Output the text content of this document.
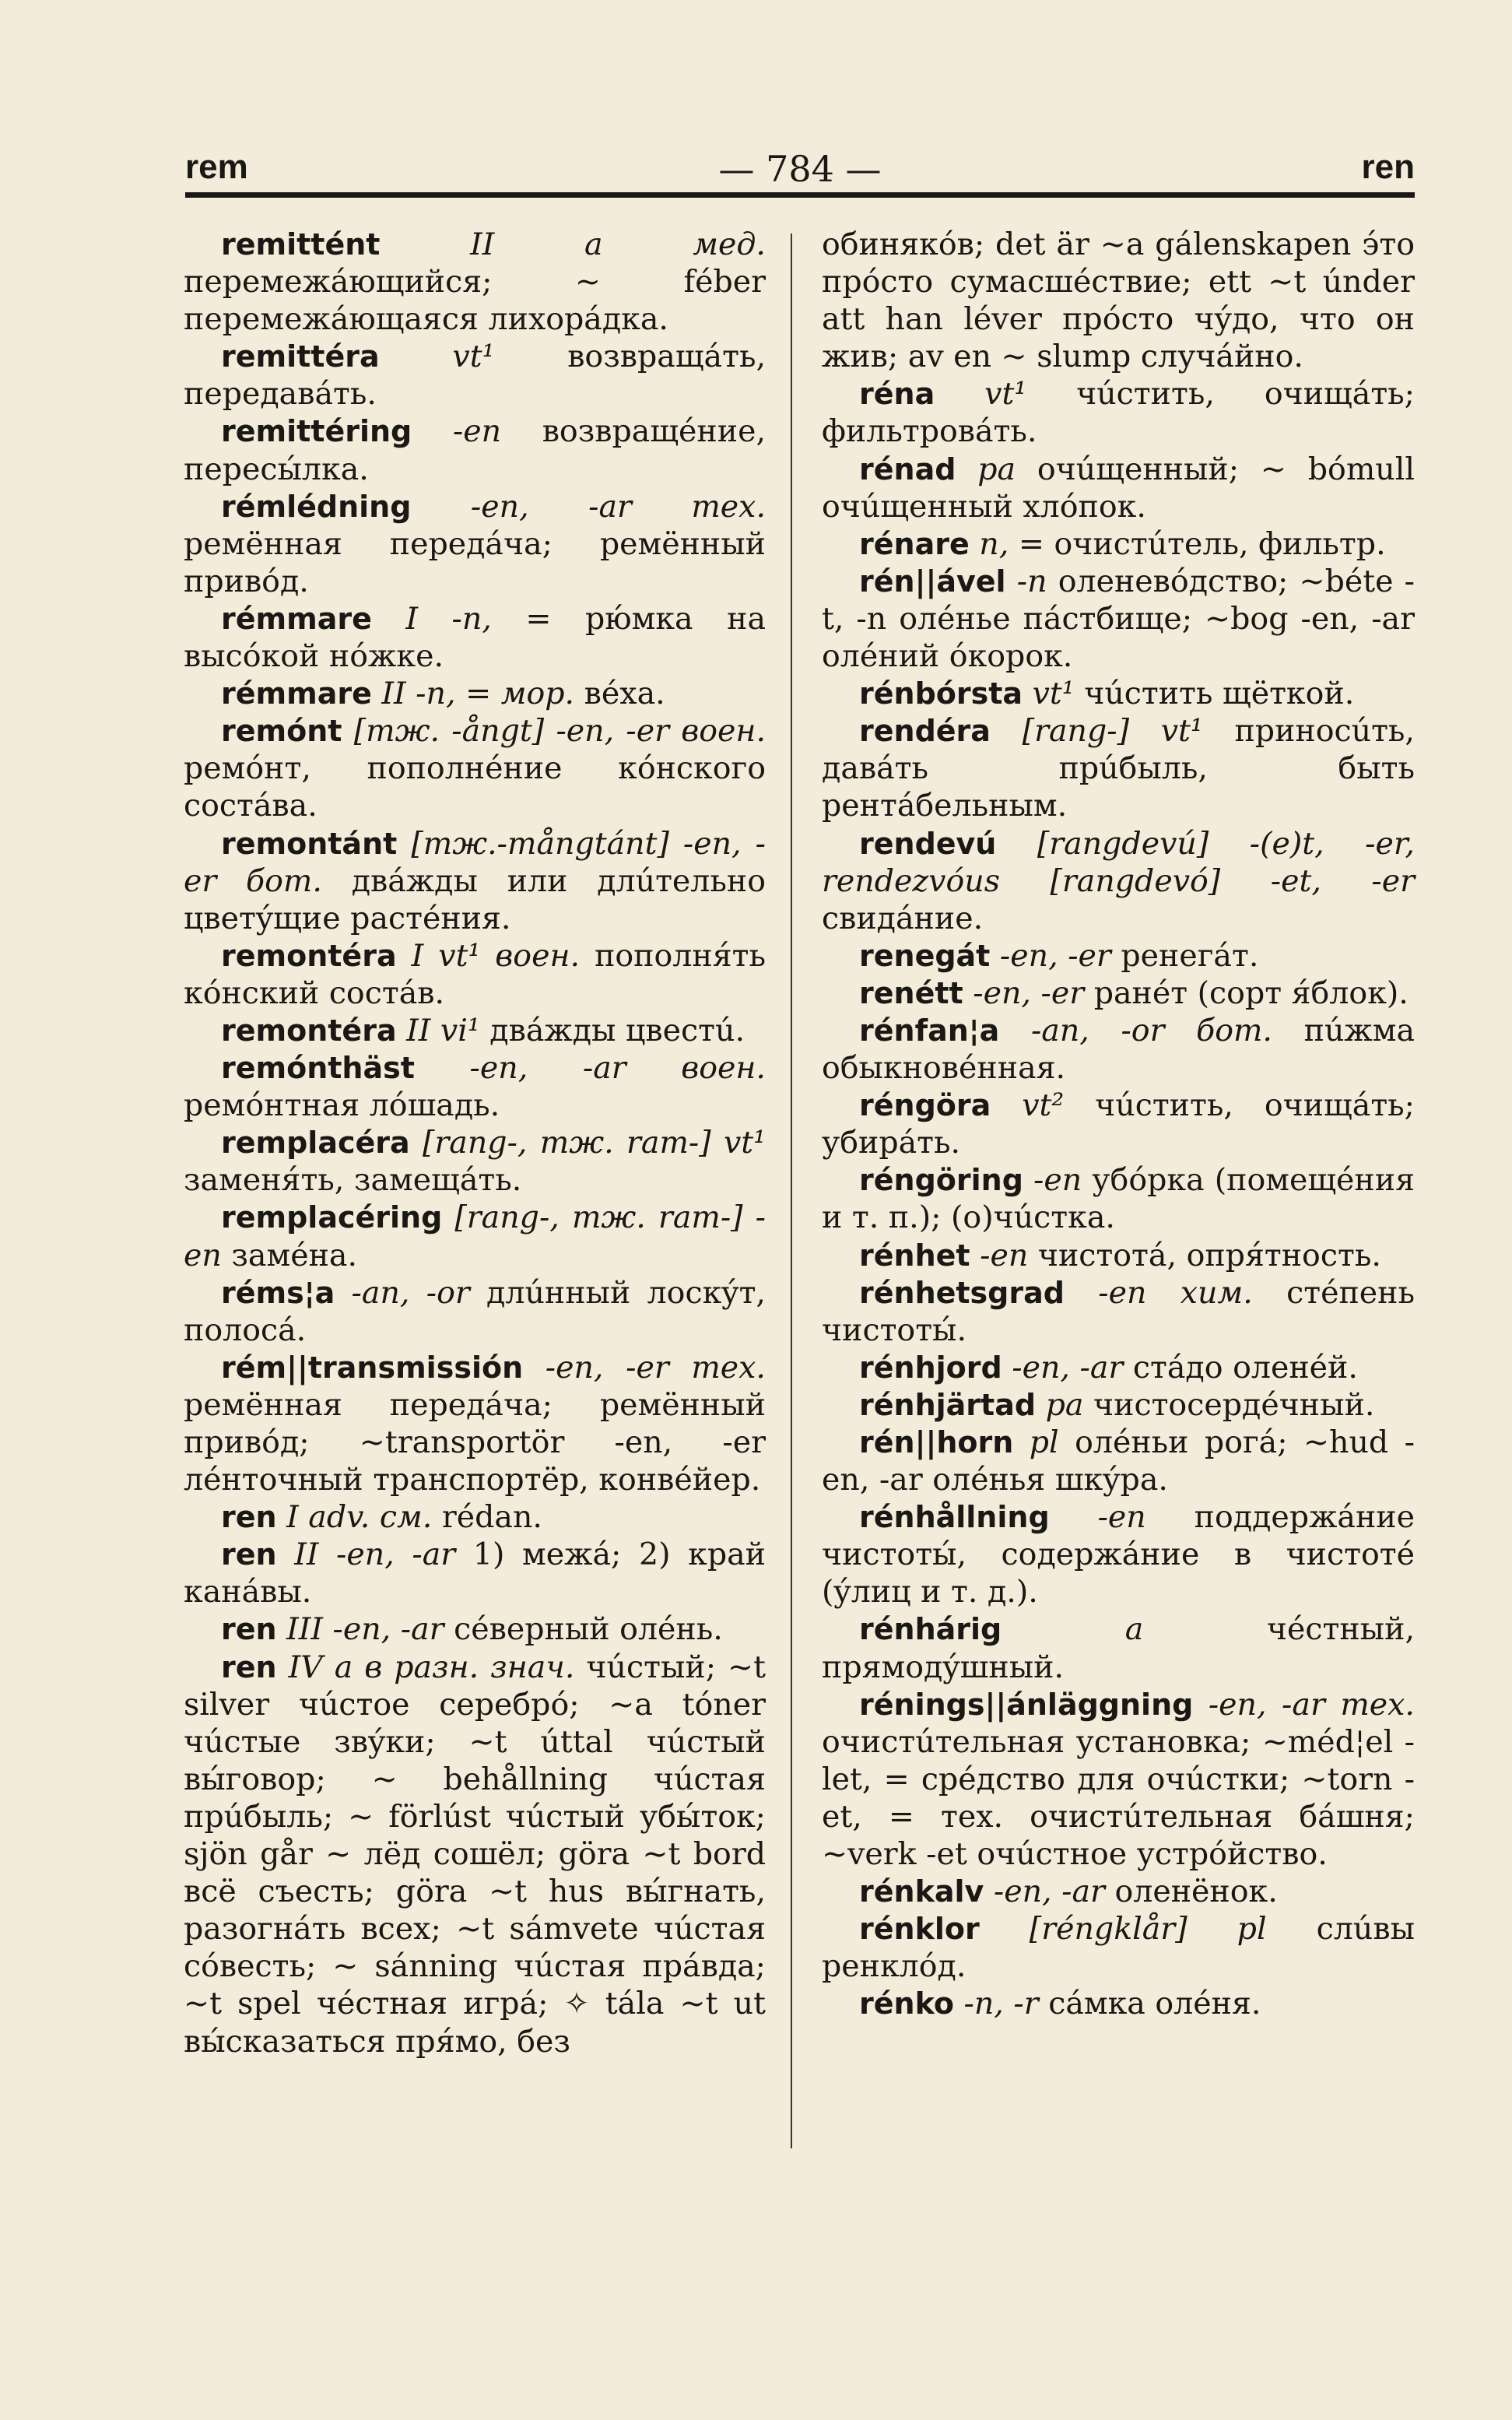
rem	— 784 —	ren

remittént	II a мед. перемежáющийся; ~ féber перемежáющаяся лихорáдка.

remittéra vt¹ возвращáть, передавáть.

remittéring -en возвращéние, пересы́лка.

rémlédning -en, -ar тех. ремённая передáча; ремённый привóд.

rémmare I -n, = рю́мка на высóкой нóжке.

rémmare II -n, = мор. вéха.

remónt [тж. -ångt] -en, -er воен. ремóнт, пополнéние кóнского состáва.

remontánt [тж.-mångtánt] -en, -er бот. двáжды или длúтельно цветýщие растéния.

remontéra I vt¹ воен. пополня́ть кóнский состáв.

remontéra II vi¹ двáжды цвестú.

remónthäst -en, -ar воен. ремóнтная лóшадь.

remplacéra [rang-, тж. ram-] vt¹ заменя́ть, замещáть.

remplacéring [rang-, тж. ram-] -en замéна.

réms¦a -an, -or длúнный лоскýт, полосá.

rém||transmissión -en, -er тех. ремённая передáча; ремённый привóд; ~transportör -en, -er лéнточный транспортёр, конвéйер.

ren I adv. см. rédan.

ren II -en, -ar 1) межá; 2) край канáвы.

ren III -en, -ar сéверный олéнь.

ren IV a в разн. знач. чúстый; ~t silver чúстое серебрó; ~a tóner чúстые звýки; ~t úttal чúстый вы́говор; ~ behållning чúстая прúбыль; ~ förlúst чúстый убы́ток; sjön går ~ лёд сошёл; göra ~t bord всё съесть; göra ~t hus вы́гнать, разогнáть всех; ~t sámvete чúстая сóвесть; ~ sánning чúстая прáвда; ~t spel чéстная игрá; ✧ tála ~t ut вы́сказаться пря́мо, без

обинякóв; det är ~a gálenskapen э́то прóсто сумасшéствие; ett ~t únder att han léver прóсто чýдо, что он жив; av en ~ slump случáйно.

réna vt¹ чúстить, очищáть; фильтровáть.

rénad pa очúщенный; ~ bómull очúщенный хлóпок.

rénare n, = очистúтель, фильтр.

rén||ável -n оленевóдство; ~béte -t, -n олéнье пáстбище; ~bog -en, -ar олéний óкорок.

rénbórsta vt¹ чúстить щёткой.

rendéra [rang-] vt¹ приносúть, давáть прúбыль, быть рентáбельным.

rendevú [rangdevú] -(e)t, -er, rendezvóus [rangdevó] -et, -er свидáние.

renegát -en, -er ренегáт.

renétt -en, -er ранéт (сорт я́блок).

rénfan¦a -an, -or бот. пúжма обыкновéнная.

réngöra vt² чúстить, очищáть; убирáть.

réngöring -en убóрка (помещéния и т. п.); (о)чúстка.

rénhet -en чистотá, опря́тность.

rénhetsgrad -en хим. стéпень чистоты́.

rénhjord -en, -ar стáдо оленéй.

rénhjärtad pa чистосердéчный.

rén||horn pl олéньи рогá; ~hud -en, -ar олéнья шкýра.

rénhållning -en поддержáние чистоты́, содержáние в чистотé (ýлиц и т. д.).

rénhárig	a	чéстный, прямодýшный.

rénings||ánläggning -en, -ar тех. очистúтельная установка; ~méd¦el -let, = срéдство для очúстки; ~torn -et, = тех. очистúтельная бáшня; ~verk -et очúстное устрóйство.

rénkalv -en, -ar оленёнок.

rénklor [réngklår] pl слúвы ренклóд.

rénko -n, -r сáмка олéня.
